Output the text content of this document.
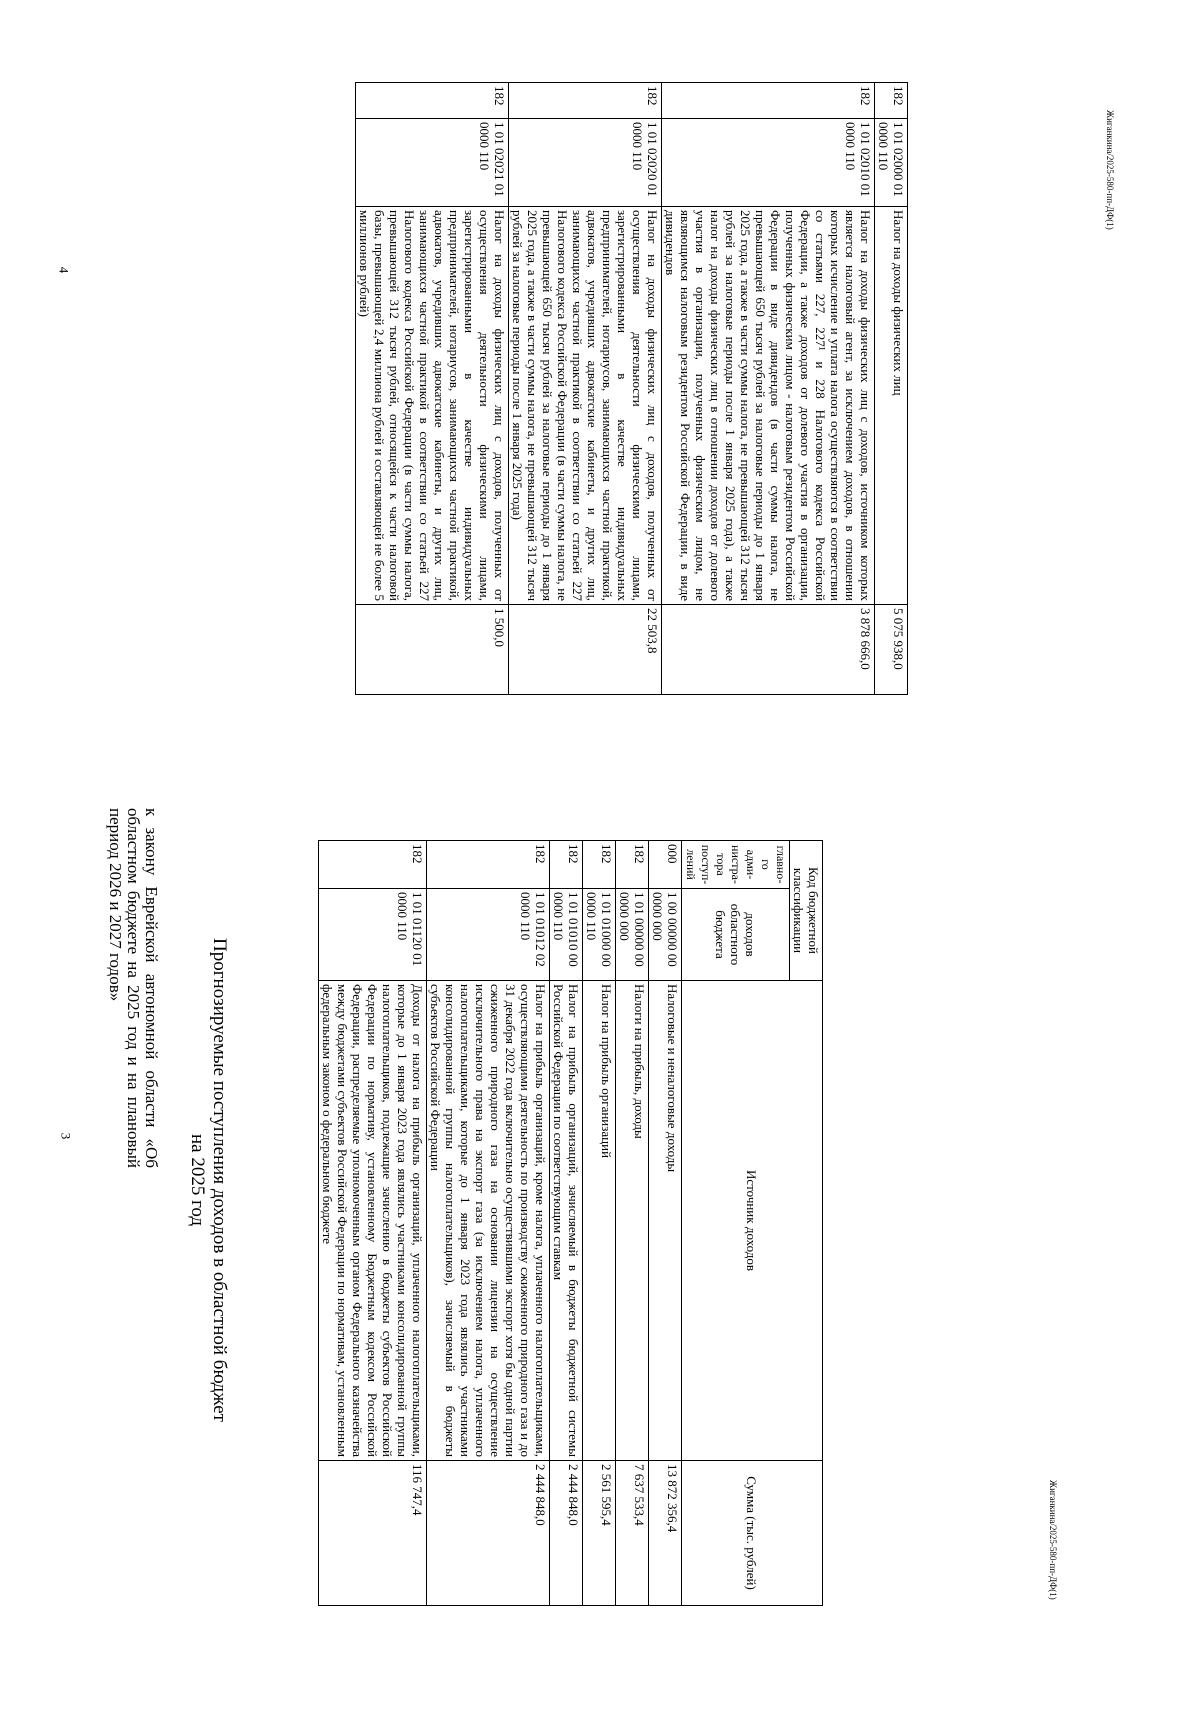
3	к закону Еврейской автономной области «Об областном бюджете на 2025 год и на плановый период 2026 и 2027 годов»
Прогнозируемые поступления доходов в областной бюджет
на 2025 год
Код бюджетной классификации		Источник доходов	Сумма (тыс. рублей)
главно-го адми-нистра-тора поступ-лений	доходов областного бюджета		
000	1 00 00000 00 0000 000	Налоговые и неналоговые доходы	13 872 356,4
182	1 01 00000 00 0000 000	Налоги на прибыль, доходы	7 637 533,4
182	1 01 01000 00 0000 110	Налог на прибыль организаций	2 561 595,4
182	1 01 01010 00 0000 110	Налог на прибыль организаций, зачисляемый в бюджеты бюджетной системы Российской Федерации по соответствующим ставкам	2 444 848,0
182	1 01 01012 02 0000 110	Налог на прибыль организаций, кроме налога, уплаченного налогоплательщиками, осуществляющими деятельность по производству сжиженного природного газа и до 31 декабря 2022 года включительно осуществившими экспорт хотя бы одной партии сжиженного природного газа на основании лицензии на осуществление исключительного права на экспорт газа (за исключением налога, уплаченного налогоплательщиками, которые до 1 января 2023 года являлись участниками консолидированной группы налогоплательщиков), зачисляемый в бюджеты субъектов Российской Федерации	2 444 848,0
182	1 01 01120 01 0000 110	Доходы от налога на прибыль организаций, уплаченного налогоплательщиками, которые до 1 января 2023 года являлись участниками консолидированной группы налогоплательщиков, подлежащие зачислению в бюджеты субъектов Российской Федерации по нормативу, установленному Бюджетным кодексом Российской Федерации, распределяемые уполномоченным органом Федерального казначейства между бюджетами субъектов Российской Федерации по нормативам, установленным федеральным законом о федеральном бюджете	116 747,4	Жиганкина/2025-580-пп-ДФ(1)
4
182	1 01 02000 01 0000 110	Налог на доходы физических лиц	5 075 938,0
182	1 01 02010 01 0000 110	Налог на доходы физических лиц с доходов, источником которых является налоговый агент, за исключением доходов, в отношении которых исчисление и уплата налога осуществляются в соответствии со статьями 227, 227¹ и 228 Налогового кодекса Российской Федерации, а также доходов от долевого участия в организации, полученных физическим лицом - налоговым резидентом Российской Федерации в виде дивидендов (в части суммы налога, не превышающей 650 тысяч рублей за налоговые периоды до 1 января 2025 года, а также в части суммы налога, не превышающей 312 тысяч рублей за налоговые периоды после 1 января 2025 года), а также налог на доходы физических лиц в отношении доходов от долевого участия в организации, полученных физическим лицом, не являющимся налоговым резидентом Российской Федерации, в виде дивидендов	3 878 666,0
182	1 01 02020 01 0000 110	Налог на доходы физических лиц с доходов, полученных от осуществления деятельности физическими лицами, зарегистрированными в качестве индивидуальных предпринимателей, нотариусов, занимающихся частной практикой, адвокатов, учредивших адвокатские кабинеты, и других лиц, занимающихся частной практикой в соответствии со статьей 227 Налогового кодекса Российской Федерации (в части суммы налога, не превышающей 650 тысяч рублей за налоговые периоды до 1 января 2025 года, а также в части суммы налога, не превышающей 312 тысяч рублей за налоговые периоды после 1 января 2025 года)	22 503,8
182	1 01 02021 01 0000 110	Налог на доходы физических лиц с доходов, полученных от осуществления деятельности физическими лицами, зарегистрированными в качестве индивидуальных предпринимателей, нотариусов, занимающихся частной практикой, адвокатов, учредивших адвокатские кабинеты, и других лиц, занимающихся частной практикой в соответствии со статьей 227 Налогового кодекса Российской Федерации (в части суммы налога, превышающей 312 тысяч рублей, относящейся к части налоговой базы, превышающей 2,4 миллиона рублей и составляющей не более 5 миллионов рублей)	1 500,0
Жиганкина/2025-580-пп-ДФ(1)
